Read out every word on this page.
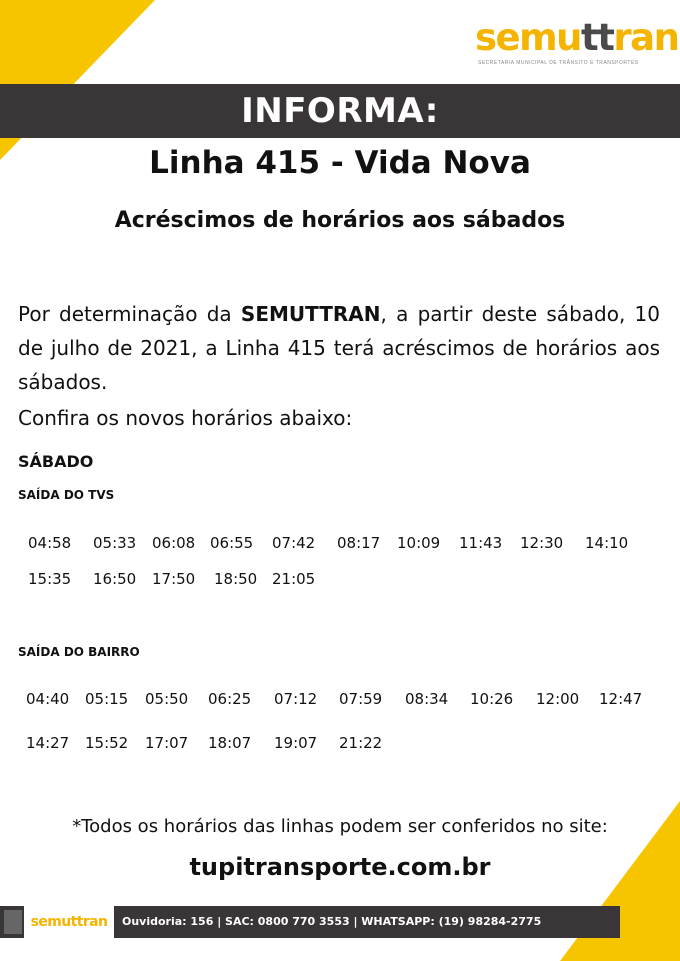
semuttran
SECRETARIA MUNICIPAL DE TRÂNSITO E TRANSPORTES
INFORMA:
Linha 415 - Vida Nova
Acréscimos de horários aos sábados
Por determinação da SEMUTTRAN, a partir deste sábado, 10 de julho de 2021, a Linha 415 terá acréscimos de horários aos sábados.
Confira os novos horários abaixo:
SÁBADO
SAÍDA DO TVS
04:58 05:33 06:08 06:55 07:42 08:17 10:09 11:43 12:30 14:10
15:35 16:50 17:50 18:50 21:05
SAÍDA DO BAIRRO
04:40 05:15 05:50 06:25 07:12 07:59 08:34 10:26 12:00 12:47
14:27 15:52 17:07 18:07 19:07 21:22
*Todos os horários das linhas podem ser conferidos no site:
tupitransporte.com.br
semuttran Ouvidoria: 156 | SAC: 0800 770 3553 | WHATSAPP: (19) 98284-2775
